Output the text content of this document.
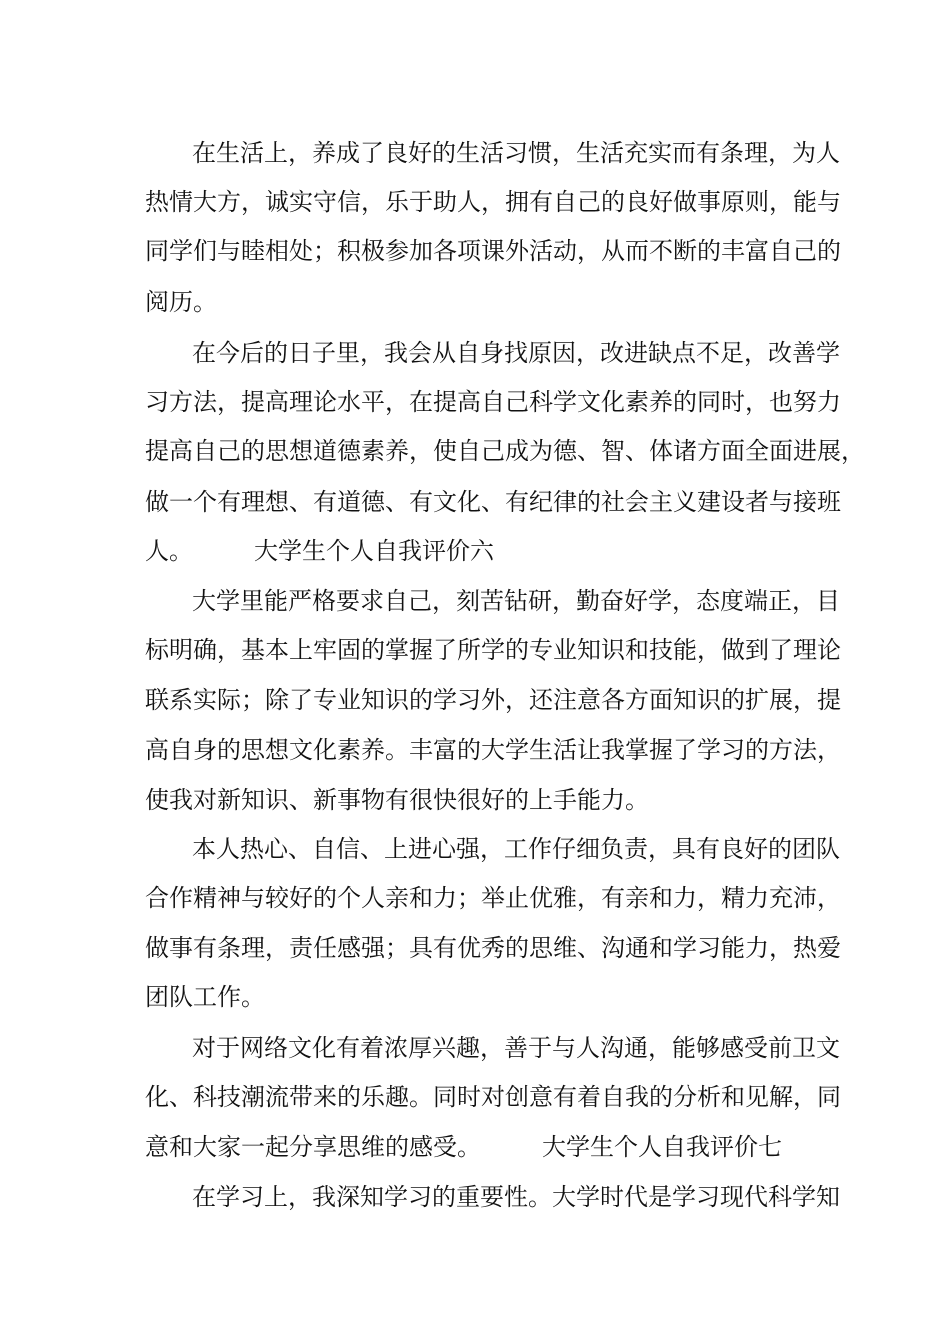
在生活上，养成了良好的生活习惯，生活充实而有条理，为人
热情大方，诚实守信，乐于助人，拥有自己的良好做事原则，能与
同学们与睦相处；积极参加各项课外活动，从而不断的丰富自己的
阅历。
在今后的日子里，我会从自身找原因，改进缺点不足，改善学
习方法，提高理论水平，在提高自己科学文化素养的同时，也努力
提高自己的思想道德素养，使自己成为德、智、体诸方面全面进展，
做一个有理想、有道德、有文化、有纪律的社会主义建设者与接班
人。        大学生个人自我评价六
大学里能严格要求自己，刻苦钻研，勤奋好学，态度端正，目
标明确，基本上牢固的掌握了所学的专业知识和技能，做到了理论
联系实际；除了专业知识的学习外，还注意各方面知识的扩展，提
高自身的思想文化素养。丰富的大学生活让我掌握了学习的方法，
使我对新知识、新事物有很快很好的上手能力。
本人热心、自信、上进心强，工作仔细负责，具有良好的团队
合作精神与较好的个人亲和力；举止优雅，有亲和力，精力充沛，
做事有条理，责任感强；具有优秀的思维、沟通和学习能力，热爱
团队工作。
对于网络文化有着浓厚兴趣，善于与人沟通，能够感受前卫文
化、科技潮流带来的乐趣。同时对创意有着自我的分析和见解，同
意和大家一起分享思维的感受。        大学生个人自我评价七
在学习上，我深知学习的重要性。大学时代是学习现代科学知
